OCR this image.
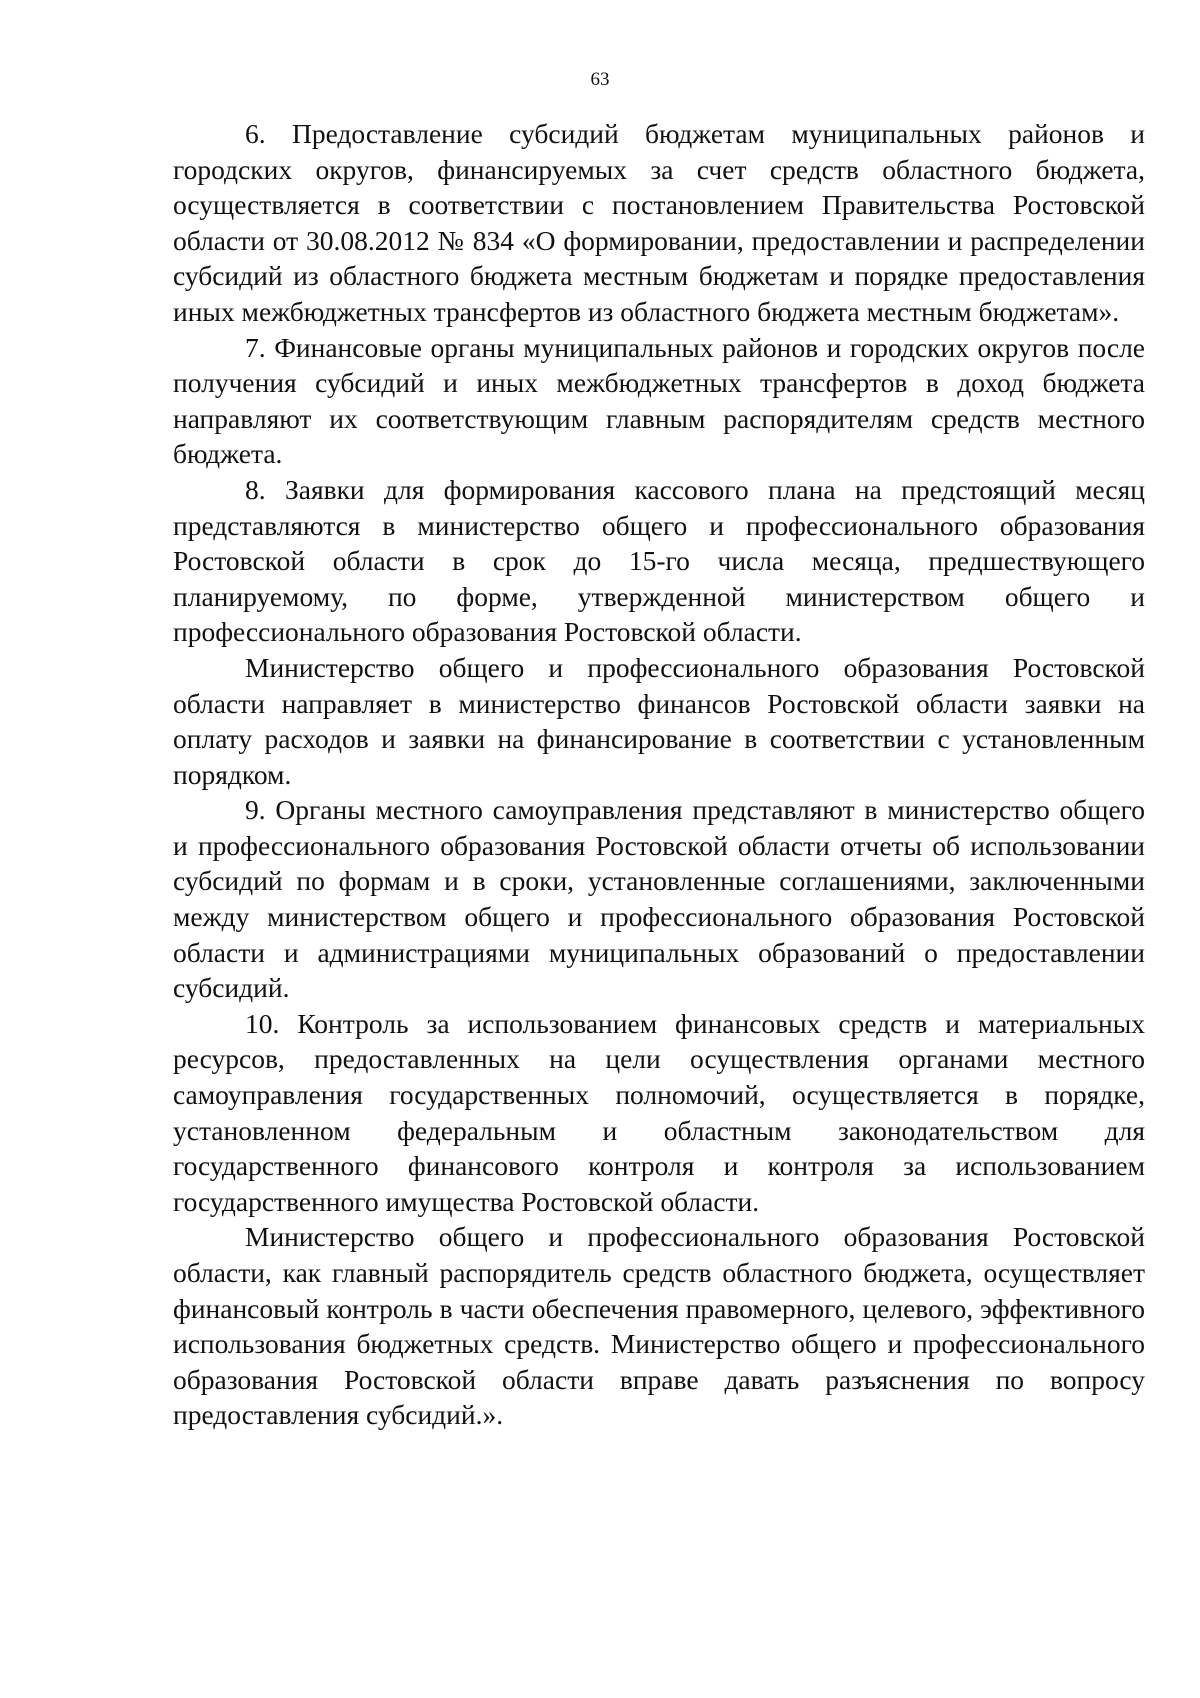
63

6. Предоставление субсидий бюджетам муниципальных районов и городских округов, финансируемых за счет средств областного бюджета, осуществляется в соответствии с постановлением Правительства Ростовской области от 30.08.2012 № 834 «О формировании, предоставлении и распределении субсидий из областного бюджета местным бюджетам и порядке предоставления иных межбюджетных трансфертов из областного бюджета местным бюджетам».

7. Финансовые органы муниципальных районов и городских округов после получения субсидий и иных межбюджетных трансфертов в доход бюджета направляют их соответствующим главным распорядителям средств местного бюджета.

8. Заявки для формирования кассового плана на предстоящий месяц представляются в министерство общего и профессионального образования Ростовской области в срок до 15-го числа месяца, предшествующего планируемому, по форме, утвержденной министерством общего и профессионального образования Ростовской области.

Министерство общего и профессионального образования Ростовской области направляет в министерство финансов Ростовской области заявки на оплату расходов и заявки на финансирование в соответствии с установленным порядком.

9. Органы местного самоуправления представляют в министерство общего и профессионального образования Ростовской области отчеты об использовании субсидий по формам и в сроки, установленные соглашениями, заключенными между министерством общего и профессионального образования Ростовской области и администрациями муниципальных образований о предоставлении субсидий.

10. Контроль за использованием финансовых средств и материальных ресурсов, предоставленных на цели осуществления органами местного самоуправления государственных полномочий, осуществляется в порядке, установленном федеральным и областным законодательством для государственного финансового контроля и контроля за использованием государственного имущества Ростовской области.

Министерство общего и профессионального образования Ростовской области, как главный распорядитель средств областного бюджета, осуществляет финансовый контроль в части обеспечения правомерного, целевого, эффективного использования бюджетных средств. Министерство общего и профессионального образования Ростовской области вправе давать разъяснения по вопросу предоставления субсидий.».
